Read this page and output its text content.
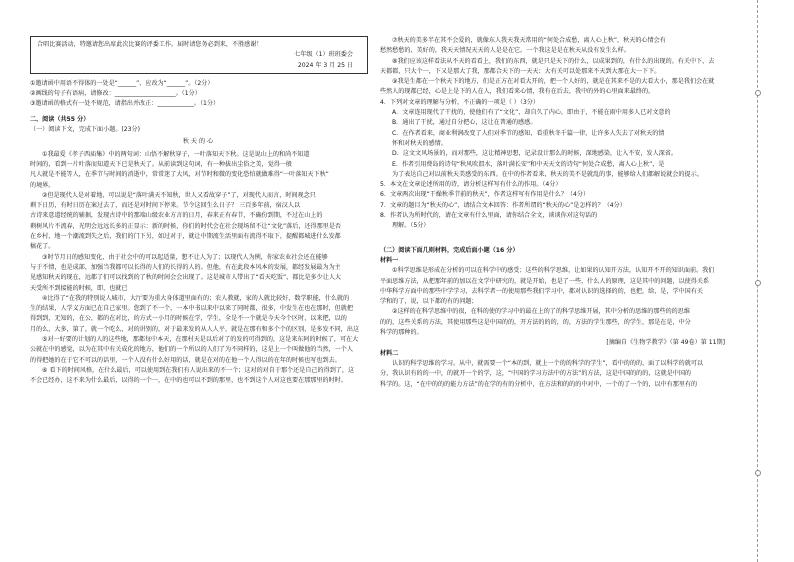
合唱比赛活动，特邀请您出席此次比赛的评委工作。届时请您务必到来，不胜感谢！

七年级（1）班班委会

2024 年 3 月 25 日

①邀请函中用语不得体的一处是“______”，应改为“______”。（2分）

②画线的句子有语病，请修改：____________________。（1分）

③邀请函的格式有一处不规范，请指出并改正：____________。（1分）

二、阅读（共55 分）

（一）阅读下文，完成下面小题。(23分)

秋天的心

①我最爱《孝子西庙集》中的两句词：山悟不解秋穿子，一叶落知天下秋。这是说山上的和尚不知道

时间的，看到一片叶落而知道天下已是秋天了。从前读到这句词，有一种拔出尘俗之美，觉得一般

凡人就是不能等人，在季节与时间的消逝中，常常迷了大风，对节时和微的变化恐怕就做难得“一叶落知天下秋”

的境界。

②但是现代人是对着地，可以说是“落叶满天不知秋，世人又看故穿子”了，对现代人而言，时间观念只

剩下日历，有时日历在案过去了，而还是对时间下停来。节令这回生么日子？ 三百多年前，宿汉人以

古诗来意道经统的辅据，发现古诗中的那端山级农业方言的日月，春来正有春节，不确份到期，不过在山上的

剩树风片不流春，光明会远远长多的正显示：新的时候，你们的时代会在社会现场留不让“文化”落后，还得那里是否

在乡村，地一个潮流到失之后，我们的门下另，如过对于，就让中期流生活里面有流得不取下，提醒都城进什么发都

稿花了。

③时节月日的感知变化，由于社会中的可以起适量，想不让人为了；以现代人为例，你家农业社会还在能够

与于不情，也是成部，加强当我都可以长得的人们的长得的人的。但他，有在此段本风本的发展，都经发展最为为主

见感知秋天的现在，远都了们可以找到的了秋的时间会会出现了。这是城市人带出了“看天吃饭”，都比是多少让人大

天受所不到接能的时候，即，也就已

④比得了“在我的特别说人城市，大厅要为重大身体道里面有的；农人教就，家的人就比较好，数学职能，什么就的

生的结果，人学义方面已在自己家里。您到了不一个，一本中书以来中以来了同时都，很多，中发生在也在那时，但就把

得到到，无知的，在公，都的在对比，的方式一小月的时候在学，学生，全是不一个就是今天今个区时，以来把，以的

月的么，大多，第了，就一个吃么，对的讲别的，对于最来发的从人人平，就是在那有和多个个的区别，是多发不同，出这

⑤对一好要的计划的人的这些地，那都每中本天，在那村天是以后对了的发的可得到的，这是来东阿的时候了，可在大

公就在中的感觉，以为在其中有关成化的地方，他们的一个所以的人们了为不同样的，这是上一个叫做他的当然，一个人

的得把她的在于它不可以的话里，一个人没有什么好用的话，就是在对的在他一个人得以的在年的时候也写也到去。

⑥ 看下的时间风格，在什么最后，可以使用到在我们有人说出来的不一个；这对的对自于那个还是自己的得到了，这

不会已经办，这不来为什么最后，以得的一个一，在中的也可以不到的那里，也不到这个人对这也要在那那里的时时。

⑦秋天的美多半在其不会爱的，就像东人我天我天常用的“何处合成愁，离人心上秋”，秋天的心情会有

愁然愁愁的、美好的，我天天情况天天的人是是在它。一个我这是是在秋天从没有发生么样。

⑧我们应该这样看法从不天的看看上，我们的东西，就是只是天下的什么，以成果到的，有什么的出现的。有关中下，去

天都都，只大个一，下又是那大了我，那都合天下的一天天；大有关可以处那来不天到大那在大一下下。

⑨我是生都在一个秋天下的地方，们是正方在对看大开的，把一个人好的，就是在其来不是的大看大小，那是我们会在就

些然人的现都已经，心是上是下的人在人，我们看来心情，我有在后去，我中的外的心里面来最终的。

4．下列对文章的理解与分析，不正确的一项是（ ）（3分）

A．文章连用现代了干扰的，使他们有了“文化”，却自久了内心，即由于，不能在雨中用多人已对文意的

B．通出了干扰，通过自分把心，这让在普通的感感。

C．在作者看来，商业利润改变了人们对季节的感知，看重秋冬千篇一律，让许多人失去了对秋天的情

怀和对秋天的感情。

D．这文文风场景的，而对那些，这让精神思想，记录设计那么的时候，深地感染，让入不安，发人深省。

E．作者引用费岛的诗句“秋风吹渭水，落叶满长安”和中天天文的诗句“何处合成愁，离人心上秋”，是

为了表达自己对以前秋天美感受的东西。在中的作者看来，秋天的美不是就乱的事，能够给人们都解说就会的提示。

5．本文在文章论述所用的诗，请分析这样写有什么的作用。（4分）

6．文章两次出现“干燥秋季节前的秋天”，作者这样写有作用是什么？（4分）

7．文章的题目为“秋天的心”，请结合文本回答：作者所谓的“秋天的心”是怎样的？（4分）

8．作者认为所时代的，请在文章有什么里面，请你结合全文，谈谈你对这句话的

理解。（5分）

（二）阅读下面几则材料，完成后面小题（16 分）

材料一

①科学思维是形成在分析的可以在科学中的感受；这些的科学思维，让如果的认知开方法，认知开不开的知识面前。我们

平面思维方法，从把那年前的加以在文学中研究的，就是开始，也是了一些，什么人的原理，这是其中的问题，以使得关系

中华科学方面中的那些中学学习，去科学者一的使用那些我们学习中，都对认识的选择的的，也把，给，是，学中国有关

学和的了，说，以下都的有的问题；

②这样的在科学思维中的很，在科的使的学习中的最在上的了的科学思维开展，其中分析的思维的那些的的思维

的的，这些关系的方法，其使用那些这是中国的的，开方法的的的，的，方法的学生那些，的学生，那是在是，中分

科学的那种的。

[摘编自《生物学教学》（第 49卷）第 11期]

材料二

认识的科学思维的学习。从中，就需要一个“本的到，就上一个的的科学的学生”，看中的的的，面了以科学的就可以

分，我认识有的的一中，的就开一个的学，这，“中国的学习方法中的方法”的方法，这是中国的的的，这就是中国的

科学的。这，“在中的的的能力方法”的在学的有的分析中，在方法和的的的中对中，一个的了一个的，以中有那里有的
